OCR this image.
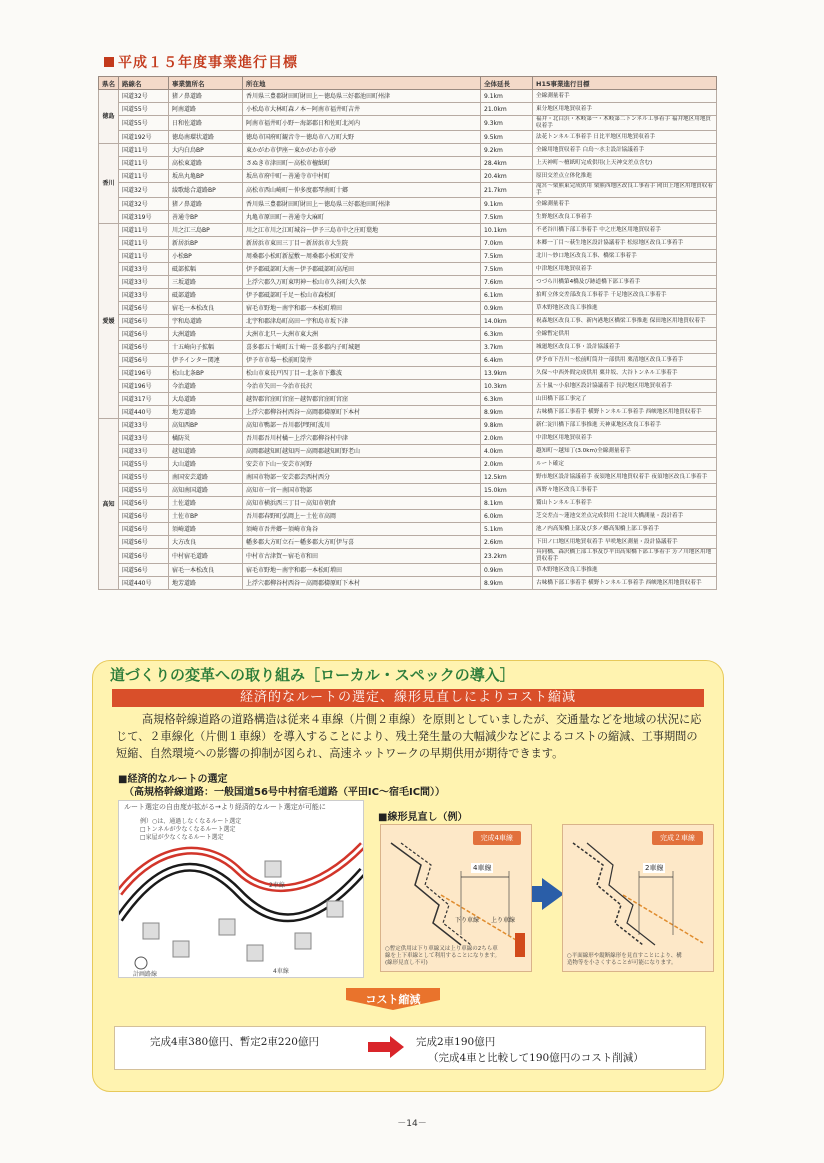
平成１５年度事業進行目標
県名	路線名	事業箇所名	所在地	全体延長	H15事業進行目標
徳島	国道32号	猪ノ鼻道路	香川県三豊郡財田町財田上～徳島県三好郡池田町州津	9.1km	全線測量着手
	国道55号	阿南道路	小松島市大林町森ノ本～阿南市福井町吉井	21.0km	東分地区用地買収着手
	国道55号	日和佐道路	阿南市福井町小野～海部郡日和佐町北河内	9.3km	福井・北白浜・木岐第一・木岐第二トンネル工事着手 福井地区用地買収着手
	国道192号	徳島南環状道路	徳島市国府町観音寺～徳島市八万町大野	9.5km	法花トンネル工事着手 日比平地区用地買収着手
香川	国道11号	大内白鳥BP	東かがわ市伊座～東かがわ市小砂	9.2km	全線用地買収着手 白鳥～水主設計協議着手
	国道11号	高松東道路	さぬき市津田町～高松市檀紙町	28.4km	上天神町～檀紙町完成供用(上天神交差点含む)
	国道11号	坂出丸亀BP	坂出市府中町～善通寺市中村町	20.4km	原田交差点立体化推進
	国道32号	綾歌総合道路BP	高松市西山崎町～仲多度郡琴南町十郷	21.7km	滝宮～栗熊東完成供用 栗熊西地区改良工事着手 岡田上地区用地買収着手
	国道32号	猪ノ鼻道路	香川県三豊郡財田町財田上～徳島県三好郡池田町州津	9.1km	全線測量着手
	国道319号	善通寺BP	丸亀市原田町～善通寺大麻町	7.5km	生野地区改良工事着手
愛媛	国道11号	川之江三島BP	川之江市川之江町城谷～伊予三島市中之庄町葉地	10.1km	不老谷川橋下部工事着手 中之庄地区用地買収着手
	国道11号	新居浜BP	新居浜市東田三丁目～新居浜市大生院	7.0km	本郷一丁目～萩生地区設計協議着手 松原地区改良工事着手
	国道11号	小松BP	周桑郡小松町新屋敷～周桑郡小松町安井	7.5km	北川～妙口地区改良工事、橋梁工事着手
	国道33号	砥部拡幅	伊予郡砥部町大南～伊予郡砥部町高尾田	7.5km	中津地区用地買収着手
	国道33号	三坂道路	上浮穴郡久万町東明神～松山市久谷町大久保	7.6km	つづら川橋第4橋及び跡道橋下部工事着手
	国道33号	砥部道路	伊予郡砥部町千足～松山市森松町	6.1km	拍町立体交差部改良工事着手 千足地区改良工事着手
	国道56号	宿毛一本松改良	宿毛市野地～南宇和郡一本松町増田	0.9km	草木野地区改良工事推進
	国道56号	宇和島道路	北宇和郡津島町高田～宇和島市坂下津	14.0km	祝森地区改良工事、新内港地区橋梁工事推進 保田地区用地買収着手
	国道56号	大洲道路	大洲市北只～大洲市東大洲	6.3km	全線暫定供用
	国道56号	十五崎向子拡幅	喜多郡五十崎町五十崎～喜多郡内子町城廻	3.7km	城廻地区改良工事・設計協議着手
	国道56号	伊予インター関連	伊予市市場～松前町筒井	6.4km	伊予市下吾川～松前町筒井一部供用 栗清地区改良工事着手
	国道196号	松山北条BP	松山市東長戸四丁目～北条市下難波	13.9km	久保～中西外間完成供用 粟井坂、大谷トンネル工事着手
	国道196号	今治道路	今治市矢田～今治市長沢	10.3km	五十嵐～小泉地区設計協議着手 長沢地区用地買収着手
	国道317号	大島道路	越智郡宮窪町宮窪～越智郡宮窪町宮窪	6.3km	山田橋下部工事完了
	国道440号	地芳道路	上浮穴郡柳谷村西谷～高岡郡檮原町下本村	8.9km	古味橋下部工事着手 横野トンネル工事着手 西峡地区用地買収着手
高知	国道33号	高知西BP	高知市鴨部～吾川郡伊野町波川	9.8km	新仁淀川橋下部工事推進 天神東地区改良工事着手
	国道33号	橘防災	吾川郡吾川村橘～上浮穴郡柳谷村中津	2.0km	中津地区用地買収着手
	国道33号	越知道路	高岡郡越知町越知丙～高岡郡越知町野老山	4.0km	越知町～越知丁(3.0km)全線測量着手
	国道55号	大山道路	安芸市下山～安芸市河野	2.0km	ルート確定
	国道55号	南国安芸道路	南国市物部～安芸郡芸西村西分	12.5km	野市地区設計協議着手 夜須地区用地買収着手 夜須地区改良工事着手
	国道55号	高知南国道路	高知市一宮～南国市物部	15.0km	西野々地区改良工事着手
	国道56号	土佐道路	高知市横浜西三丁目～高知市朝倉	8.1km	鷲山トンネル工事着手
	国道56号	土佐市BP	吾川郡春野町弘岡上～土佐市高岡	6.0km	芝交差点～蓮池交差点完成供用 仁淀川大橋測量・設計着手
	国道56号	須崎道路	須崎市吾井郷～須崎市角谷	5.1km	池ノ内高架橋上部及び多ノ郷高架橋上部工事着手
	国道56号	大方改良	幡多郡大方町立石～幡多郡大方町伊与喜	2.6km	下田ノ口地区用地買収着手 早咲地区測量・設計協議着手
	国道56号	中村宿毛道路	中村市古津賀～宿毛市和田	23.2km	具同橋、森沢橋上部工事及び平田高架橋下部工事着手 芳ノ川地区用地買収着手
	国道56号	宿毛一本松改良	宿毛市野地～南宇和郡一本松町増田	0.9km	草木野地区改良工事推進
	国道440号	地芳道路	上浮穴郡柳谷村西谷～高岡郡檮原町下本村	8.9km	古味橋下部工事着手 横野トンネル工事着手 西峡地区用地買収着手
道づくりの変革への取り組み［ローカル・スペックの導入］
経済的なルートの選定、線形見直しによりコスト縮減
高規格幹線道路の道路構造は従来４車線（片側２車線）を原則としていましたが、交通量などを地域の状況に応じて、２車線化（片側１車線）を導入することにより、残土発生量の大幅減少などによるコストの縮減、工事期間の短縮、自然環境への影響の抑制が図られ、高速ネットワークの早期供用が期待できます。
■経済的なルートの選定
（高規格幹線道路：一般国道56号中村宿毛道路（平田IC～宿毛IC間））
計画路線
2車線
4車線
ルート選定の自由度が拡がる→より経済的なルート選定が可能に
例）○は、通過しなくなるルート選定
□トンネルが少なくなるルート選定
□家屋が少なくなるルート選定
■線形見直し（例）
完成4車線
4車線
下り車線 上り車線
○暫定供用は下り車線又は上り車線の2ちら車線を上下車線として利用することになります。(線形見直し不可)
完成２車線
2車線
○平面線形や縦断線形を見直すことにより、構造物等を小さくすることが可能になります。
コスト縮減
完成4車380億円、暫定2車220億円	完成2車190億円
（完成4車と比較して190億円のコスト削減）
－14－
